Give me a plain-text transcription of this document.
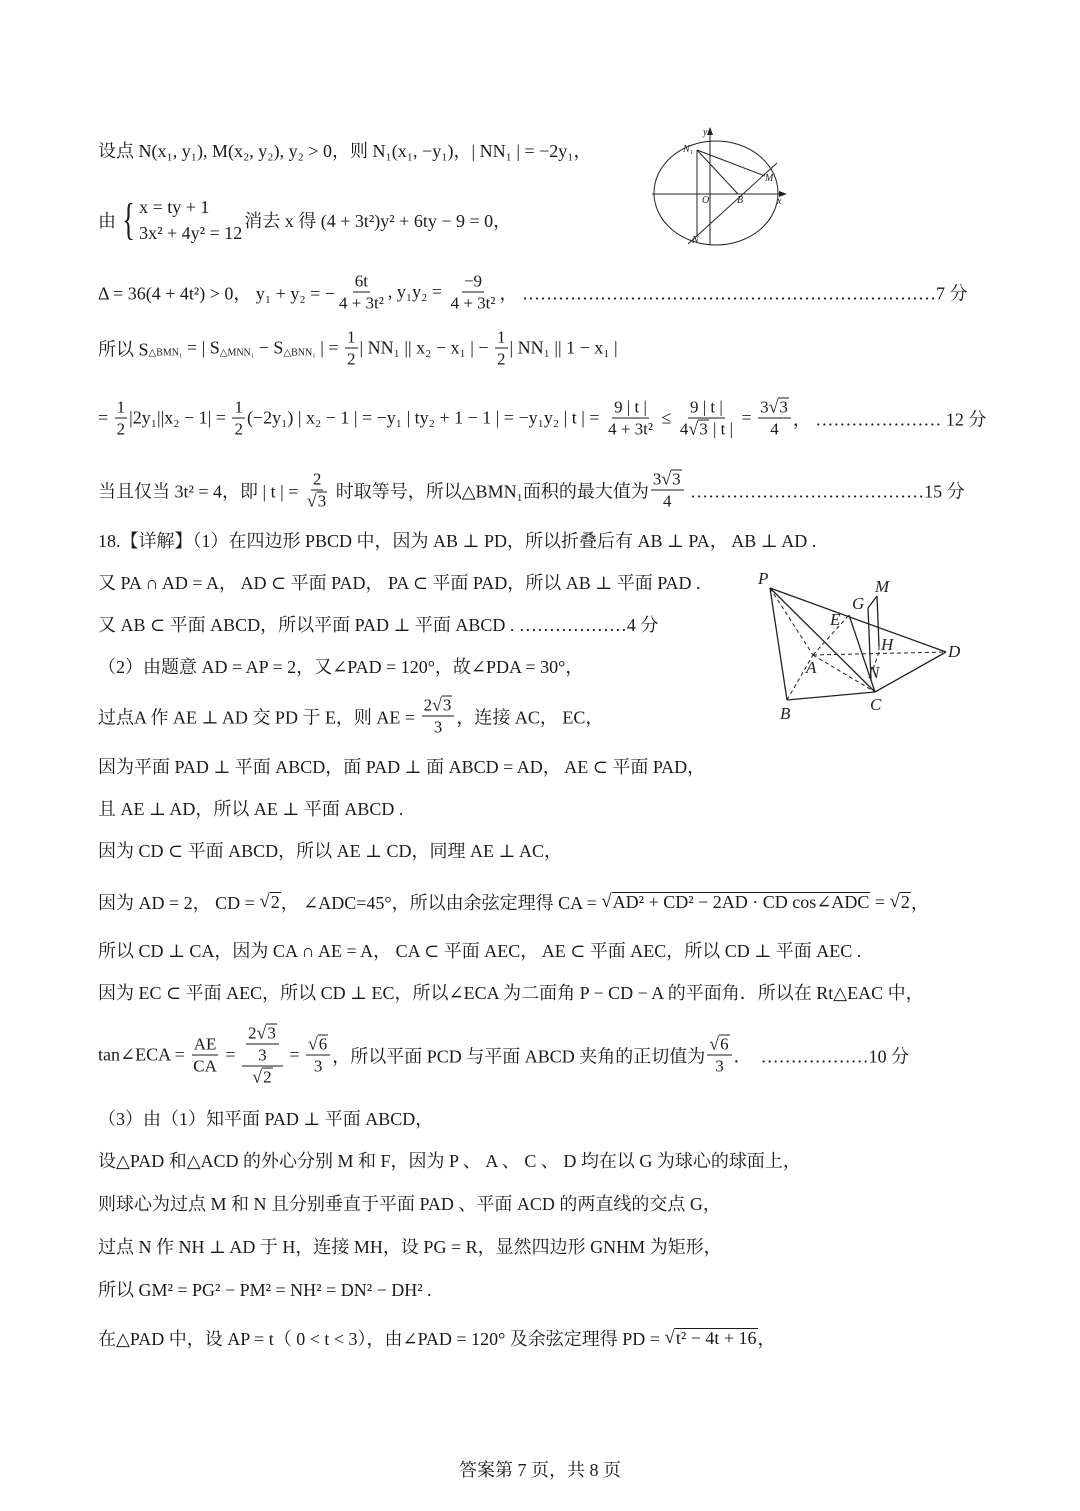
设点 N(x₁, y₁), M(x₂, y₂), y₂ > 0，则 N₁(x₁, −y₁)，| NN₁ | = −2y₁，
由 { x = ty + 1
3x² + 4y² = 12
消去 x 得 (4 + 3t²)y² + 6ty − 9 = 0，
Δ = 36(4 + 4t²) > 0， y₁ + y₂ = − $\frac{6t}{\text{4 + 3t²}}$ , $y_1y_2 = \frac{-9}{\text{4 + 3t²}}$ ， ……………………………………………………………7 分
所以 S △BMN₁ = | S △MNN₁ − S △BNN₁ | = $\frac{1}{2}$ | NN₁ || x₂ − x₁ | − $\frac{1}{2}$ | NN₁ || 1 − x₁ |
= $\frac{1}{2} |2y_1||x_2 - 1| = \frac{1}{2} (-2y_1)$ | x₂ − 1 | = −y₁ | ty₂ + 1 − 1 | = −y₁y₂ | t | = $\frac{9 | t |}{\text{4 + 3t²}} \le \frac{9 | t |}{4 √ 3 | t |} = \frac{3 √ 3}{4}$ ， ………………… 12 分
当且仅当 3t² = 4，即 | t | = 2
√ 3 时取等号，所以△BMN₁面积的最大值为 $\frac{3 √ 3}{4}$ …………………………………15 分
18.【详解】（1）在四边形 PBCD 中，因为 AB ⊥ PD，所以折叠后有 AB ⊥ PA， AB ⊥ AD .
又 PA ∩ AD = A， AD ⊂ 平面 PAD， PA ⊂ 平面 PAD，所以 AB ⊥ 平面 PAD .
又 AB ⊂ 平面 ABCD，所以平面 PAD ⊥ 平面 ABCD . ………………4 分
（2）由题意 AD = AP = 2，又∠PAD = 120°，故∠PDA = 30°，
过点A 作 AE ⊥ AD 交 PD 于 E，则 AE = $\frac{2 √ 3}{3}$ ，连接 AC， EC，
因为平面 PAD ⊥ 平面 ABCD，面 PAD ⊥ 面 ABCD = AD， AE ⊂ 平面 PAD，
且 AE ⊥ AD，所以 AE ⊥ 平面 ABCD .
因为 CD ⊂ 平面 ABCD，所以 AE ⊥ CD，同理 AE ⊥ AC，
因为 AD = 2， CD = √ 2 ， ∠ADC=45°，所以由余弦定理得 CA = √ AD² + CD² − 2AD · CD cos∠ADC = √ 2 ，
所以 CD ⊥ CA，因为 CA ∩ AE = A， CA ⊂ 平面 AEC， AE ⊂ 平面 AEC，所以 CD ⊥ 平面 AEC .
因为 EC ⊂ 平面 AEC，所以 CD ⊥ EC，所以∠ECA 为二面角 P − CD − A 的平面角．所以在 Rt△EAC 中，
tan∠ECA = $\frac{AE}{CA} = \frac{2 √ 3}{3}$
√ 2 = √ $\frac{6}{3}$ ，所以平面 PCD 与平面 ABCD 夹角的正切值为 √ $\frac{6}{3}$ ．  ………………10 分
（3）由（1）知平面 PAD ⊥ 平面 ABCD，
设△PAD 和△ACD 的外心分别 M 和 F，因为 P 、 A 、 C 、 D 均在以 G 为球心的球面上，
则球心为过点 M 和 N 且分别垂直于平面 PAD 、平面 ACD 的两直线的交点 G，
过点 N 作 NH ⊥ AD 于 H，连接 MH，设 PG = R，显然四边形 GNHM 为矩形，
所以 GM² = PG² − PM² = NH² = DN² − DH² .
在△PAD 中，设 AP = t（ 0 < t < 3），由∠PAD = 120° 及余弦定理得 PD = √ t² − 4t + 16 ，
y
x
N₁
M
O	B
N
P	M
G
E
H	D
A	N
B	C
答案第 7 页，共 8 页
